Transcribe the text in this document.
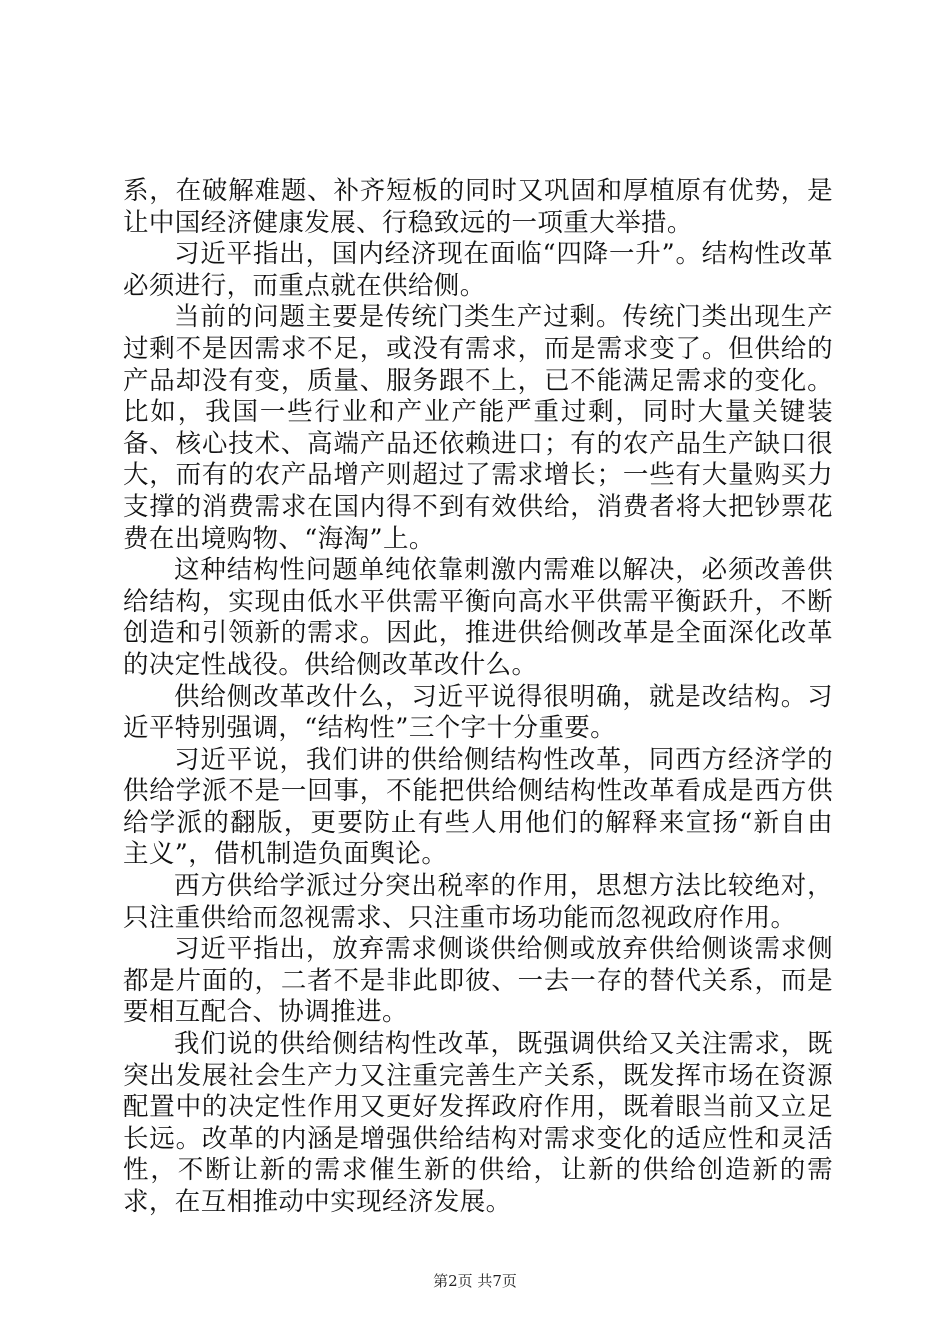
系，在破解难题、补齐短板的同时又巩固和厚植原有优势，是让中国经济健康发展、行稳致远的一项重大举措。

习近平指出，国内经济现在面临“四降一升”。结构性改革必须进行，而重点就在供给侧。

当前的问题主要是传统门类生产过剩。传统门类出现生产过剩不是因需求不足，或没有需求，而是需求变了。但供给的产品却没有变，质量、服务跟不上，已不能满足需求的变化。比如，我国一些行业和产业产能严重过剩，同时大量关键装备、核心技术、高端产品还依赖进口；有的农产品生产缺口很大，而有的农产品增产则超过了需求增长；一些有大量购买力支撑的消费需求在国内得不到有效供给，消费者将大把钞票花费在出境购物、“海淘”上。

这种结构性问题单纯依靠刺激内需难以解决，必须改善供给结构，实现由低水平供需平衡向高水平供需平衡跃升，不断创造和引领新的需求。因此，推进供给侧改革是全面深化改革的决定性战役。供给侧改革改什么。

供给侧改革改什么，习近平说得很明确，就是改结构。习近平特别强调，“结构性”三个字十分重要。

习近平说，我们讲的供给侧结构性改革，同西方经济学的供给学派不是一回事，不能把供给侧结构性改革看成是西方供给学派的翻版，更要防止有些人用他们的解释来宣扬“新自由主义”，借机制造负面舆论。

西方供给学派过分突出税率的作用，思想方法比较绝对，只注重供给而忽视需求、只注重市场功能而忽视政府作用。

习近平指出，放弃需求侧谈供给侧或放弃供给侧谈需求侧都是片面的，二者不是非此即彼、一去一存的替代关系，而是要相互配合、协调推进。

我们说的供给侧结构性改革，既强调供给又关注需求，既突出发展社会生产力又注重完善生产关系，既发挥市场在资源配置中的决定性作用又更好发挥政府作用，既着眼当前又立足长远。改革的内涵是增强供给结构对需求变化的适应性和灵活性，不断让新的需求催生新的供给，让新的供给创造新的需求，在互相推动中实现经济发展。

第2页 共7页
